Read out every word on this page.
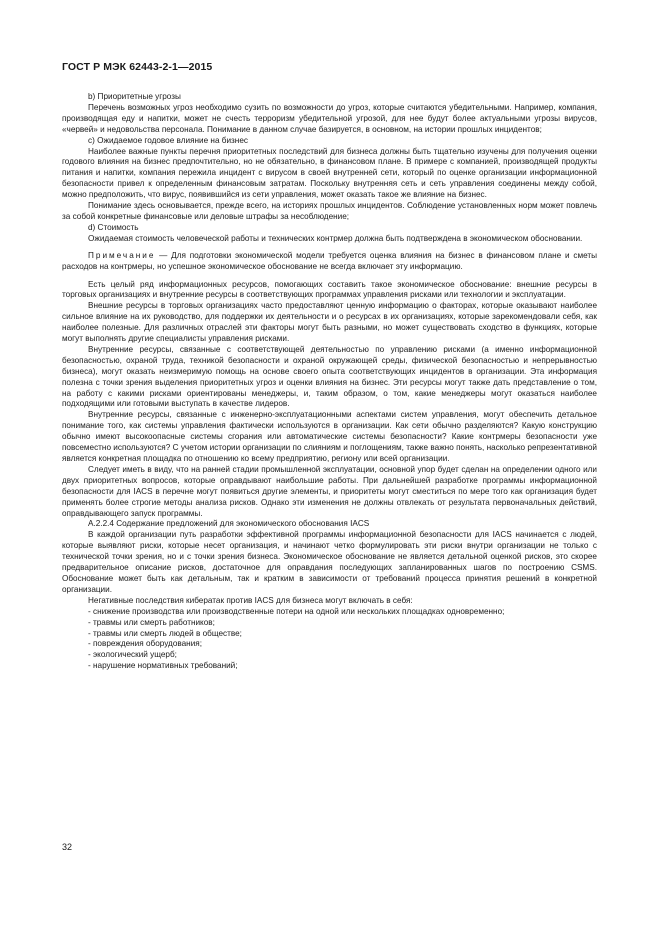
ГОСТ Р МЭК 62443-2-1—2015

b) Приоритетные угрозы

Перечень возможных угроз необходимо сузить по возможности до угроз, которые считаются убедительными. Например, компания, производящая еду и напитки, может не счесть терроризм убедительной угрозой, для нее будут более актуальными угрозы вирусов, «червей» и недовольства персонала. Понимание в данном случае базируется, в основном, на истории прошлых инцидентов;

c) Ожидаемое годовое влияние на бизнес

Наиболее важные пункты перечня приоритетных последствий для бизнеса должны быть тщательно изучены для получения оценки годового влияния на бизнес предпочтительно, но не обязательно, в финансовом плане. В примере с компанией, производящей продукты питания и напитки, компания пережила инцидент с вирусом в своей внутренней сети, который по оценке организации информационной безопасности привел к определенным финансовым затратам. Поскольку внутренняя сеть и сеть управления соединены между собой, можно предположить, что вирус, появившийся из сети управления, может оказать такое же влияние на бизнес.

Понимание здесь основывается, прежде всего, на историях прошлых инцидентов. Соблюдение установленных норм может повлечь за собой конкретные финансовые или деловые штрафы за несоблюдение;

d) Стоимость

Ожидаемая стоимость человеческой работы и технических контрмер должна быть подтверждена в экономическом обосновании.

Примечание — Для подготовки экономической модели требуется оценка влияния на бизнес в финансовом плане и сметы расходов на контрмеры, но успешное экономическое обоснование не всегда включает эту информацию.

Есть целый ряд информационных ресурсов, помогающих составить такое экономическое обоснование: внешние ресурсы в торговых организациях и внутренние ресурсы в соответствующих программах управления рисками или технологии и эксплуатации.

Внешние ресурсы в торговых организациях часто предоставляют ценную информацию о факторах, которые оказывают наиболее сильное влияние на их руководство, для поддержки их деятельности и о ресурсах в их организациях, которые зарекомендовали себя, как наиболее полезные. Для различных отраслей эти факторы могут быть разными, но может существовать сходство в функциях, которые могут выполнять другие специалисты управления рисками.

Внутренние ресурсы, связанные с соответствующей деятельностью по управлению рисками (а именно информационной безопасностью, охраной труда, техникой безопасности и охраной окружающей среды, физической безопасностью и непрерывностью бизнеса), могут оказать неизмеримую помощь на основе своего опыта соответствующих инцидентов в организации. Эта информация полезна с точки зрения выделения приоритетных угроз и оценки влияния на бизнес. Эти ресурсы могут также дать представление о том, на работу с какими рисками ориентированы менеджеры, и, таким образом, о том, какие менеджеры могут оказаться наиболее подходящими или готовыми выступать в качестве лидеров.

Внутренние ресурсы, связанные с инженерно-эксплуатационными аспектами систем управления, могут обеспечить детальное понимание того, как системы управления фактически используются в организации. Как сети обычно разделяются? Какую конструкцию обычно имеют высокоопасные системы сгорания или автоматические системы безопасности? Какие контрмеры безопасности уже повсеместно используются? С учетом истории организации по слияниям и поглощениям, также важно понять, насколько репрезентативной является конкретная площадка по отношению ко всему предприятию, региону или всей организации.

Следует иметь в виду, что на ранней стадии промышленной эксплуатации, основной упор будет сделан на определении одного или двух приоритетных вопросов, которые оправдывают наибольшие работы. При дальнейшей разработке программы информационной безопасности для IACS в перечне могут появиться другие элементы, и приоритеты могут сместиться по мере того как организация будет применять более строгие методы анализа рисков. Однако эти изменения не должны отвлекать от результата первоначальных действий, оправдывающего запуск программы.

A.2.2.4 Содержание предложений для экономического обоснования IACS

В каждой организации путь разработки эффективной программы информационной безопасности для IACS начинается с людей, которые выявляют риски, которые несет организация, и начинают четко формулировать эти риски внутри организации не только с технической точки зрения, но и с точки зрения бизнеса. Экономическое обоснование не является детальной оценкой рисков, это скорее предварительное описание рисков, достаточное для оправдания последующих запланированных шагов по построению CSMS. Обоснование может быть как детальным, так и кратким в зависимости от требований процесса принятия решений в конкретной организации.

Негативные последствия кибератак против IACS для бизнеса могут включать в себя:

- снижение производства или производственные потери на одной или нескольких площадках одновременно;
- травмы или смерть работников;
- травмы или смерть людей в обществе;
- повреждения оборудования;
- экологический ущерб;
- нарушение нормативных требований;
32
